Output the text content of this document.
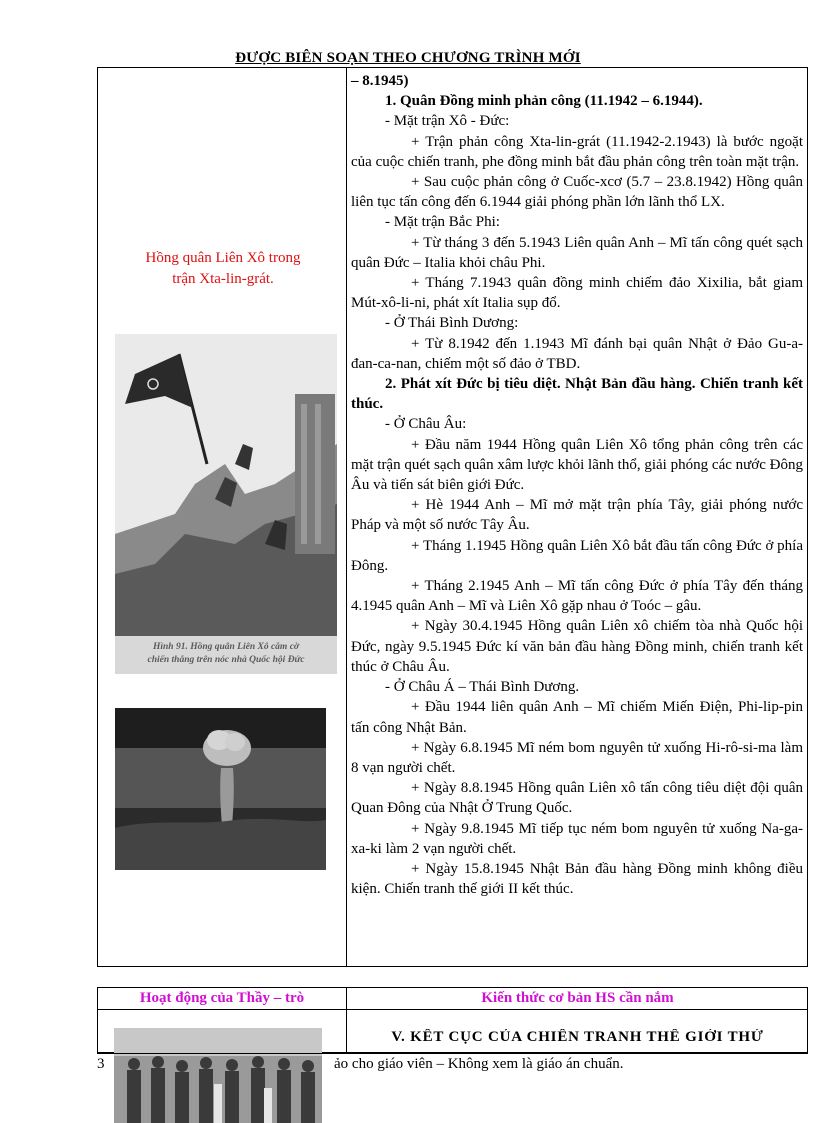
ĐƯỢC BIÊN SOẠN THEO CHƯƠNG TRÌNH MỚI
Hồng quân Liên Xô trong
trận Xta-lin-grát.
Hình 91. Hồng quân Liên Xô cắm cờ
chiến thắng trên nóc nhà Quốc hội Đức

– 8.1945)

1. Quân Đồng minh phản công (11.1942 – 6.1944).

- Mặt trận Xô - Đức:

+ Trận phản công Xta-lin-grát (11.1942-2.1943) là bước ngoặt của cuộc chiến tranh, phe đồng minh bắt đầu phản công trên toàn mặt trận.

+ Sau cuộc phản công ở Cuốc-xcơ (5.7 – 23.8.1942) Hồng quân liên tục tấn công đến 6.1944 giải phóng phần lớn lãnh thổ LX.

- Mặt trận Bắc Phi:

+ Từ tháng 3 đến 5.1943 Liên quân Anh – Mĩ tấn công quét sạch quân Đức – Italia khỏi châu Phi.

+ Tháng 7.1943 quân đồng minh chiếm đảo Xixilia, bắt giam Mút-xô-li-ni, phát xít Italia sụp đổ.

- Ở Thái Bình Dương:

+ Từ 8.1942 đến 1.1943 Mĩ đánh bại quân Nhật ở Đảo Gu-a-đan-ca-nan, chiếm một số đảo ở TBD.

2. Phát xít Đức bị tiêu diệt. Nhật Bản đầu hàng. Chiến tranh kết thúc.

- Ở Châu Âu:

+ Đầu năm 1944 Hồng quân Liên Xô tổng phản công trên các mặt trận quét sạch quân xâm lược khỏi lãnh thổ, giải phóng các nước Đông Âu và tiến sát biên giới Đức.

+ Hè 1944 Anh – Mĩ mở mặt trận phía Tây, giải phóng nước Pháp và một số nước Tây Âu.

+ Tháng 1.1945 Hồng quân Liên Xô bắt đầu tấn công Đức ở phía Đông.

+ Tháng 2.1945 Anh – Mĩ tấn công Đức ở phía Tây đến tháng 4.1945 quân Anh – Mĩ và Liên Xô gặp nhau ở Toóc – gâu.

+ Ngày 30.4.1945 Hồng quân Liên xô chiếm tòa nhà Quốc hội Đức, ngày 9.5.1945 Đức kí văn bản đầu hàng Đồng minh, chiến tranh kết thúc ở Châu Âu.

- Ở Châu Á – Thái Bình Dương.

+ Đầu 1944 liên quân Anh – Mĩ chiếm Miến Điện, Phi-lip-pin tấn công Nhật Bản.

+ Ngày 6.8.1945 Mĩ ném bom nguyên tử xuống Hi-rô-si-ma làm 8 vạn người chết.

+ Ngày 8.8.1945 Hồng quân Liên xô tấn công tiêu diệt đội quân Quan Đông của Nhật Ở Trung Quốc.

+ Ngày 9.8.1945 Mĩ tiếp tục ném bom nguyên tử xuống Na-ga-xa-ki làm 2 vạn người chết.

+ Ngày 15.8.1945 Nhật Bản đầu hàng Đồng minh không điều kiện. Chiến tranh thế giới II kết thúc.

Hoạt động của Thầy – trò	Kiến thức cơ bản HS cần nắm
V. KẾT CỤC CỦA CHIẾN TRANH THẾ GIỚI THỨ
3	ảo cho giáo viên – Không xem là giáo án chuẩn.
